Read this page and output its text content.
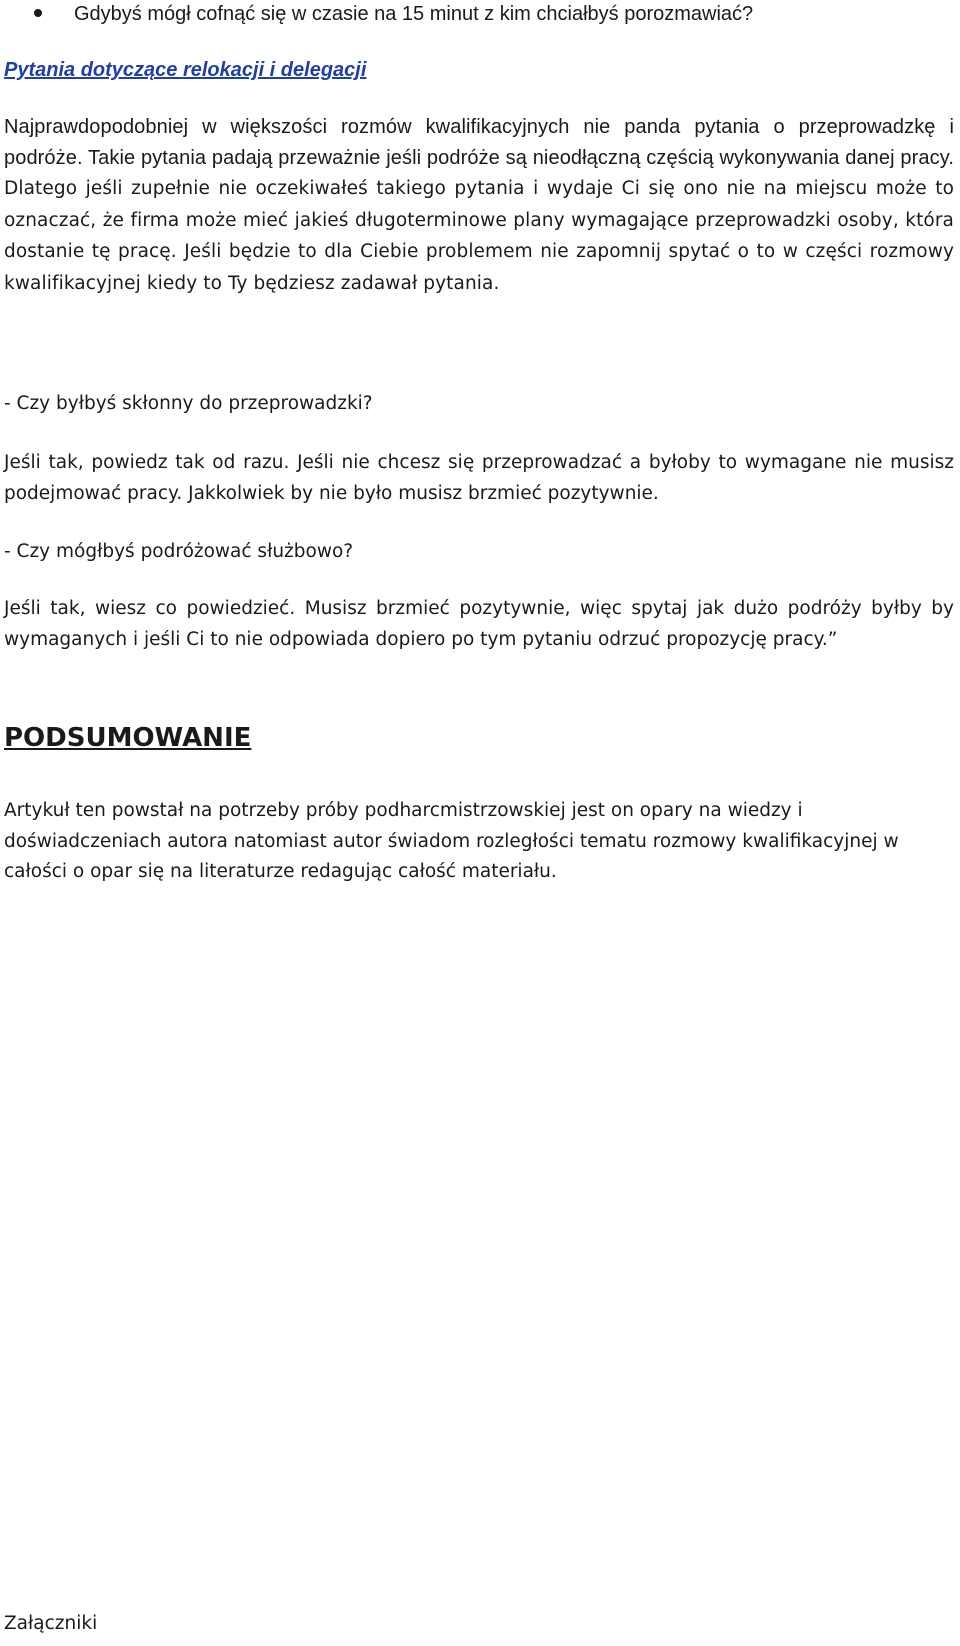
Gdybyś mógł cofnąć się w czasie na 15 minut z kim chciałbyś porozmawiać?
Pytania dotyczące relokacji i delegacji
Najprawdopodobniej w większości rozmów kwalifikacyjnych nie panda pytania o przeprowadzkę i podróże. Takie pytania padają przeważnie jeśli podróże są nieodłączną częścią wykonywania danej pracy. Dlatego jeśli zupełnie nie oczekiwałeś takiego pytania i wydaje Ci się ono nie na miejscu może to oznaczać, że firma może mieć jakieś długoterminowe plany wymagające przeprowadzki osoby, która dostanie tę pracę. Jeśli będzie to dla Ciebie problemem nie zapomnij spytać o to w części rozmowy kwalifikacyjnej kiedy to Ty będziesz zadawał pytania.
- Czy byłbyś skłonny do przeprowadzki?
Jeśli tak, powiedz tak od razu. Jeśli nie chcesz się przeprowadzać a byłoby to wymagane nie musisz podejmować pracy. Jakkolwiek by nie było musisz brzmieć pozytywnie.
- Czy mógłbyś podróżować służbowo?
Jeśli tak, wiesz co powiedzieć. Musisz brzmieć pozytywnie, więc spytaj jak dużo podróży byłby by wymaganych i jeśli Ci to nie odpowiada dopiero po tym pytaniu odrzuć propozycję pracy.”
PODSUMOWANIE
Artykuł ten powstał na potrzeby próby podharcmistrzowskiej jest on opary na wiedzy i doświadczeniach autora natomiast autor świadom rozległości tematu rozmowy kwalifikacyjnej w całości o opar się na literaturze redagując całość materiału.
Załączniki
